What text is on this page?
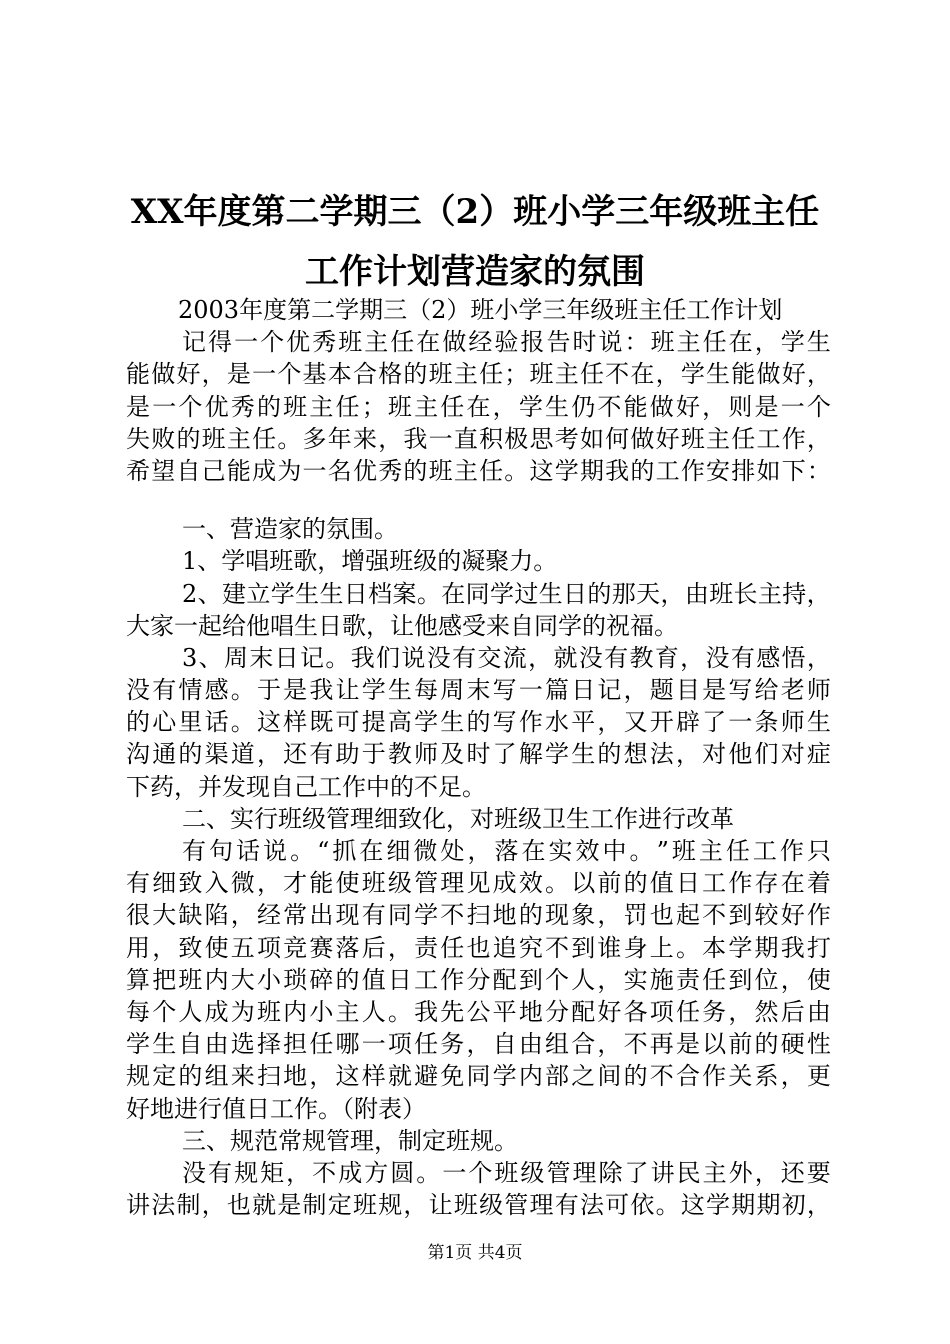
XX年度第二学期三（2）班小学三年级班主任
工作计划营造家的氛围
2003年度第二学期三（2）班小学三年级班主任工作计划
记 得 一 个 优 秀 班 主 任 在 做 经 验 报 告 时 说 ： 班 主 任 在 ， 学 生
能 做 好 ， 是 一 个 基 本 合 格 的 班 主 任 ； 班 主 任 不 在 ， 学 生 能 做 好 ，
是 一 个 优 秀 的 班 主 任 ； 班 主 任 在 ， 学 生 仍 不 能 做 好 ， 则 是 一 个
失 败 的 班 主 任 。 多 年 来 ， 我 一 直 积 极 思 考 如 何 做 好 班 主 任 工 作 ，
希 望 自 己 能 成 为 一 名 优 秀 的 班 主 任 。 这 学 期 我 的 工 作 安 排 如 下 ：
一、营造家的氛围。
1、学唱班歌，增强班级的凝聚力。
2 、 建 立 学 生 生 日 档 案 。 在 同 学 过 生 日 的 那 天 ， 由 班 长 主 持 ，
大家一起给他唱生日歌，让他感受来自同学的祝福。
3 、 周 末 日 记 。 我 们 说 没 有 交 流 ， 就 没 有 教 育 ， 没 有 感 悟 ，
没 有 情 感 。 于 是 我 让 学 生 每 周 末 写 一 篇 日 记 ， 题 目 是 写 给 老 师
的 心 里 话 。 这 样 既 可 提 高 学 生 的 写 作 水 平 ， 又 开 辟 了 一 条 师 生
沟 通 的 渠 道 ， 还 有 助 于 教 师 及 时 了 解 学 生 的 想 法 ， 对 他 们 对 症
下药，并发现自己工作中的不足。
二、实行班级管理细致化，对班级卫生工作进行改革
有 句 话 说 。 “ 抓 在 细 微 处 ， 落 在 实 效 中 。 ” 班 主 任 工 作 只
有 细 致 入 微 ， 才 能 使 班 级 管 理 见 成 效 。 以 前 的 值 日 工 作 存 在 着
很 大 缺 陷 ， 经 常 出 现 有 同 学 不 扫 地 的 现 象 ， 罚 也 起 不 到 较 好 作
用 ， 致 使 五 项 竞 赛 落 后 ， 责 任 也 追 究 不 到 谁 身 上 。 本 学 期 我 打
算 把 班 内 大 小 琐 碎 的 值 日 工 作 分 配 到 个 人 ， 实 施 责 任 到 位 ， 使
每 个 人 成 为 班 内 小 主 人 。 我 先 公 平 地 分 配 好 各 项 任 务 ， 然 后 由
学 生 自 由 选 择 担 任 哪 一 项 任 务 ， 自 由 组 合 ， 不 再 是 以 前 的 硬 性
规 定 的 组 来 扫 地 ， 这 样 就 避 免 同 学 内 部 之 间 的 不 合 作 关 系 ， 更
好地进行值日工作。（附表）
三、规范常规管理，制定班规。
没 有 规 矩 ， 不 成 方 圆 。 一 个 班 级 管 理 除 了 讲 民 主 外 ， 还 要
讲 法 制 ， 也 就 是 制 定 班 规 ， 让 班 级 管 理 有 法 可 依 。 这 学 期 期 初 ，
第1页 共4页
